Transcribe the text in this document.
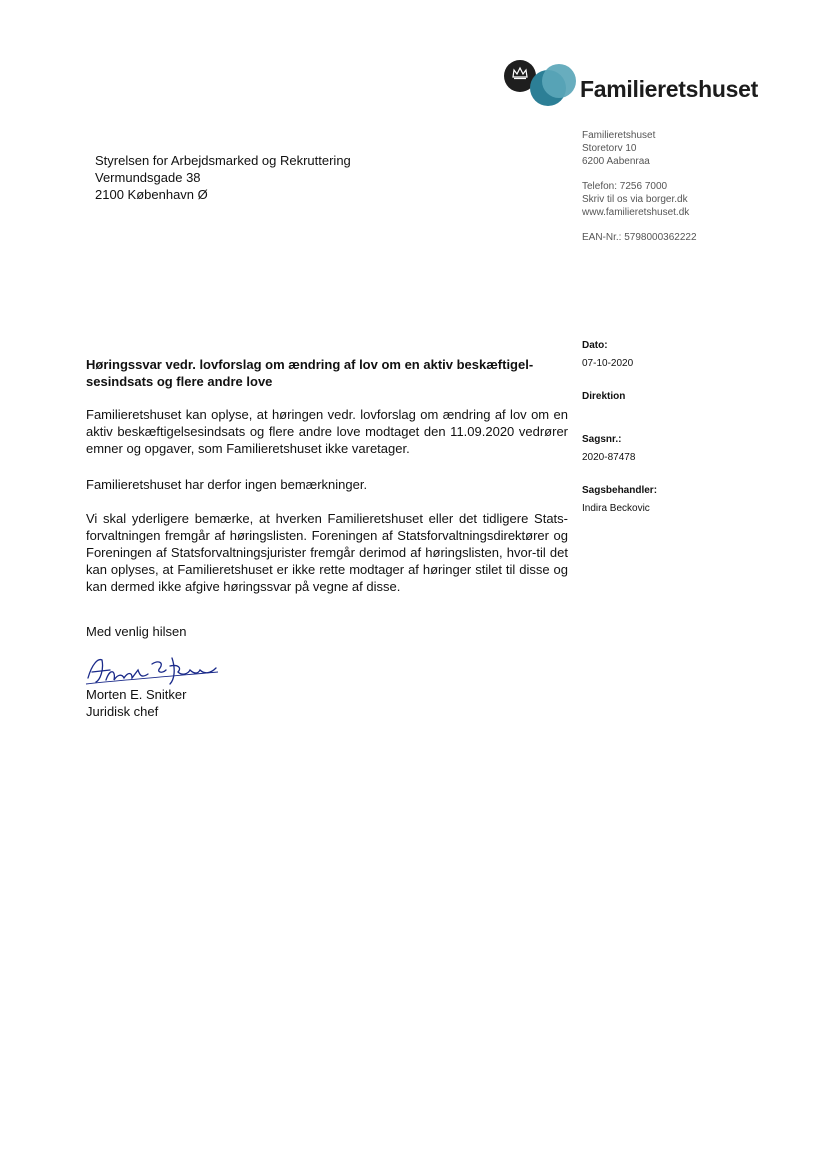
Familieretshuset
Familieretshuset
Storetorv 10
6200 Aabenraa
Telefon: 7256 7000
Skriv til os via borger.dk
www.familieretshuset.dk
EAN-Nr.: 5798000362222
Styrelsen for Arbejdsmarked og Rekruttering
Vermundsgade 38
2100 København Ø
Dato:
07-10-2020
Direktion
Sagsnr.:
2020-87478
Sagsbehandler:
Indira Beckovic
Høringssvar vedr. lovforslag om ændring af lov om en aktiv beskæftigel-sesindsats og flere andre love
Familieretshuset kan oplyse, at høringen vedr. lovforslag om ændring af lov om en aktiv beskæftigelsesindsats og flere andre love modtaget den 11.09.2020 vedrører emner og opgaver, som Familieretshuset ikke varetager.
Familieretshuset har derfor ingen bemærkninger.
Vi skal yderligere bemærke, at hverken Familieretshuset eller det tidligere Stats-forvaltningen fremgår af høringslisten. Foreningen af Statsforvaltningsdirektører og Foreningen af Statsforvaltningsjurister fremgår derimod af høringslisten, hvor-til det kan oplyses, at Familieretshuset er ikke rette modtager af høringer stilet til disse og kan dermed ikke afgive høringssvar på vegne af disse.
Med venlig hilsen
Morten E. Snitker
Juridisk chef
